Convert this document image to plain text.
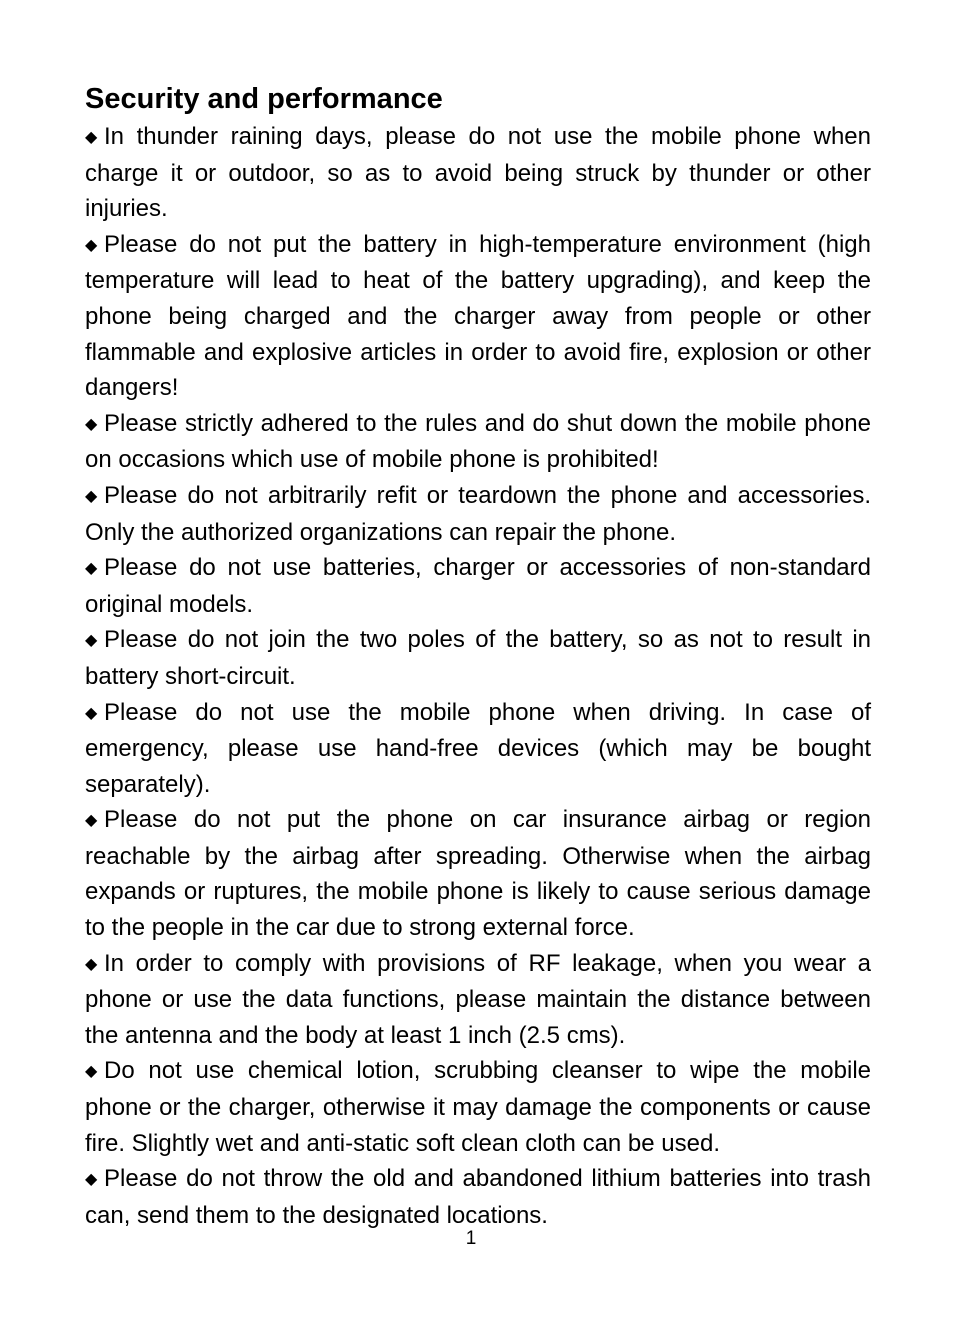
Security and performance
◆ In thunder raining days, please do not use the mobile phone when charge it or outdoor, so as to avoid being struck by thunder or other injuries.
◆ Please do not put the battery in high-temperature environment (high temperature will lead to heat of the battery upgrading), and keep the phone being charged and the charger away from people or other flammable and explosive articles in order to avoid fire, explosion or other dangers!
◆ Please strictly adhered to the rules and do shut down the mobile phone on occasions which use of mobile phone is prohibited!
◆ Please do not arbitrarily refit or teardown the phone and accessories. Only the authorized organizations can repair the phone.
◆ Please do not use batteries, charger or accessories of non-standard original models.
◆ Please do not join the two poles of the battery, so as not to result in battery short-circuit.
◆ Please do not use the mobile phone when driving. In case of emergency, please use hand-free devices (which may be bought separately).
◆ Please do not put the phone on car insurance airbag or region reachable by the airbag after spreading. Otherwise when the airbag expands or ruptures, the mobile phone is likely to cause serious damage to the people in the car due to strong external force.
◆ In order to comply with provisions of RF leakage, when you wear a phone or use the data functions, please maintain the distance between the antenna and the body at least 1 inch (2.5 cms).
◆ Do not use chemical lotion, scrubbing cleanser to wipe the mobile phone or the charger, otherwise it may damage the components or cause fire. Slightly wet and anti-static soft clean cloth can be used.
◆ Please do not throw the old and abandoned lithium batteries into trash can, send them to the designated locations.
1
